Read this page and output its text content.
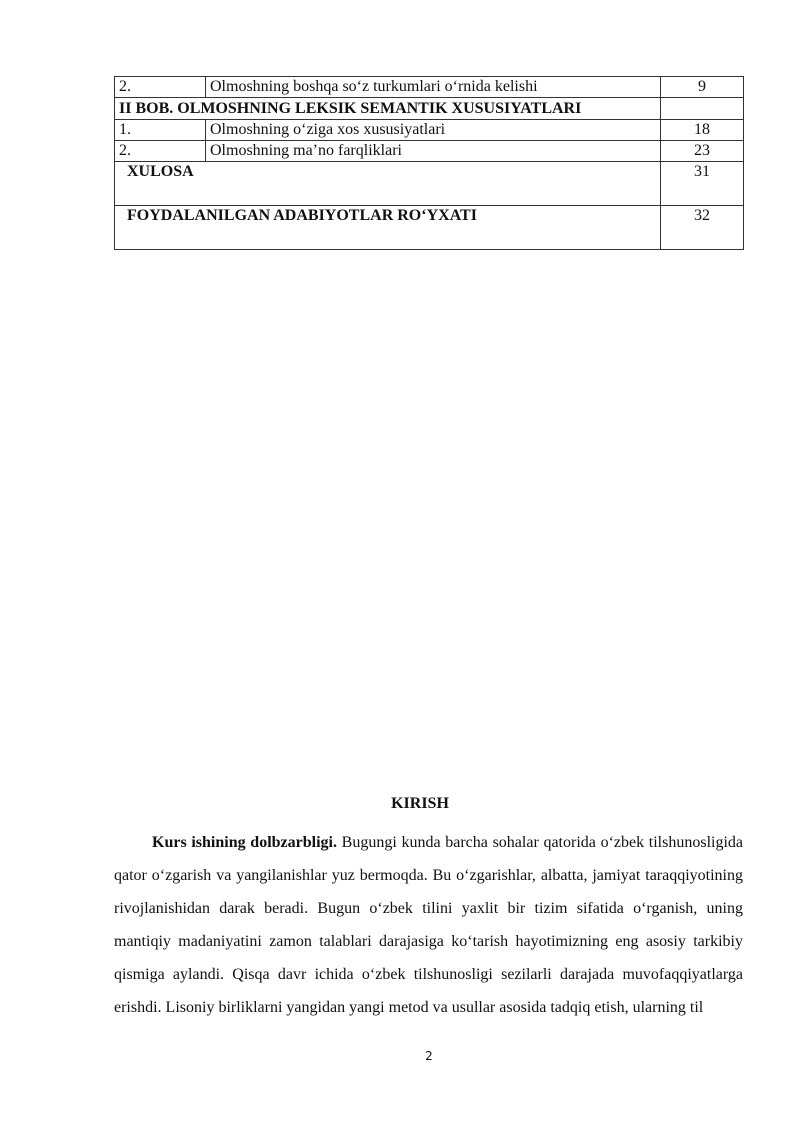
2.	Olmoshning boshqa so‘z turkumlari o‘rnida kelishi	9
II BOB. OLMOSHNING LEKSIK SEMANTIK XUSUSIYATLARI		
1.	Olmoshning o‘ziga xos xususiyatlari	18
2.	Olmoshning ma’no farqliklari	23
XULOSA		31
FOYDALANILGAN ADABIYOTLAR RO‘YXATI		32
KIRISH

Kurs ishining dolbzarbligi. Bugungi kunda barcha sohalar qatorida o‘zbek tilshunosligida qator o‘zgarish va yangilanishlar yuz bermoqda. Bu o‘zgarishlar, albatta, jamiyat taraqqiyotining rivojlanishidan darak beradi. Bugun o‘zbek tilini yaxlit bir tizim sifatida o‘rganish, uning mantiqiy madaniyatini zamon talablari darajasiga ko‘tarish hayotimizning eng asosiy tarkibiy qismiga aylandi. Qisqa davr ichida o‘zbek tilshunosligi sezilarli darajada muvofaqqiyatlarga erishdi. Lisoniy birliklarni yangidan yangi metod va usullar asosida tadqiq etish, ularning til

2
